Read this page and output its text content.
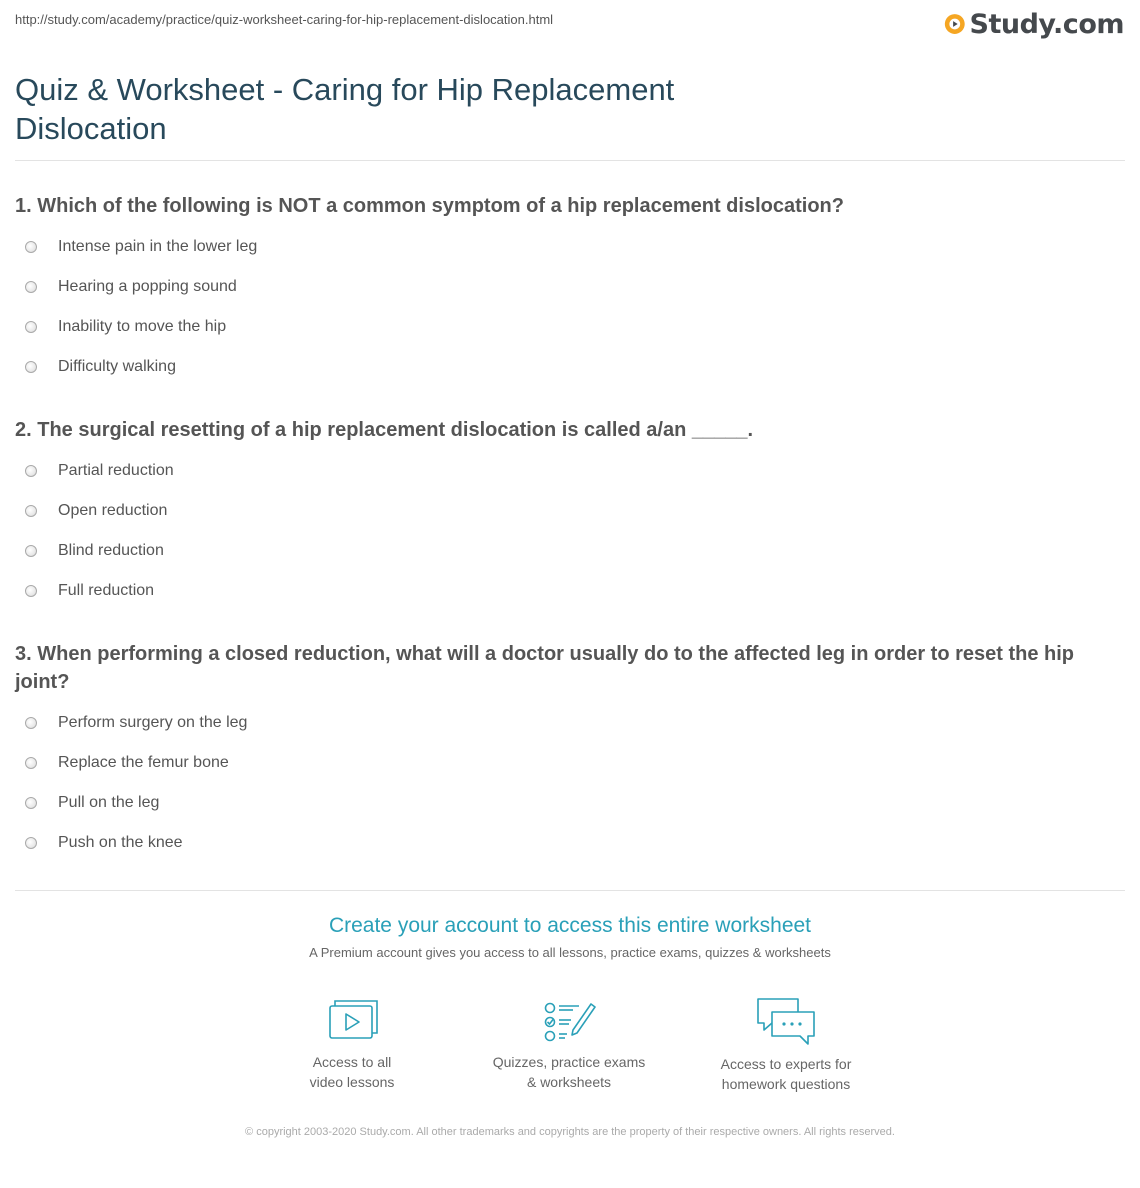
http://study.com/academy/practice/quiz-worksheet-caring-for-hip-replacement-dislocation.html	Study.com
Quiz & Worksheet - Caring for Hip Replacement
Dislocation

1. Which of the following is NOT a common symptom of a hip replacement dislocation?

Intense pain in the lower leg
Hearing a popping sound
Inability to move the hip
Difficulty walking

2. The surgical resetting of a hip replacement dislocation is called a/an _____.

Partial reduction
Open reduction
Blind reduction
Full reduction

3. When performing a closed reduction, what will a doctor usually do to the affected leg in order to reset the hip joint?

Perform surgery on the leg
Replace the femur bone
Pull on the leg
Push on the knee
Create your account to access this entire worksheet
A Premium account gives you access to all lessons, practice exams, quizzes & worksheets
Access to all
video lessons
Quizzes, practice exams
& worksheets
Access to experts for
homework questions
© copyright 2003-2020 Study.com. All other trademarks and copyrights are the property of their respective owners. All rights reserved.
